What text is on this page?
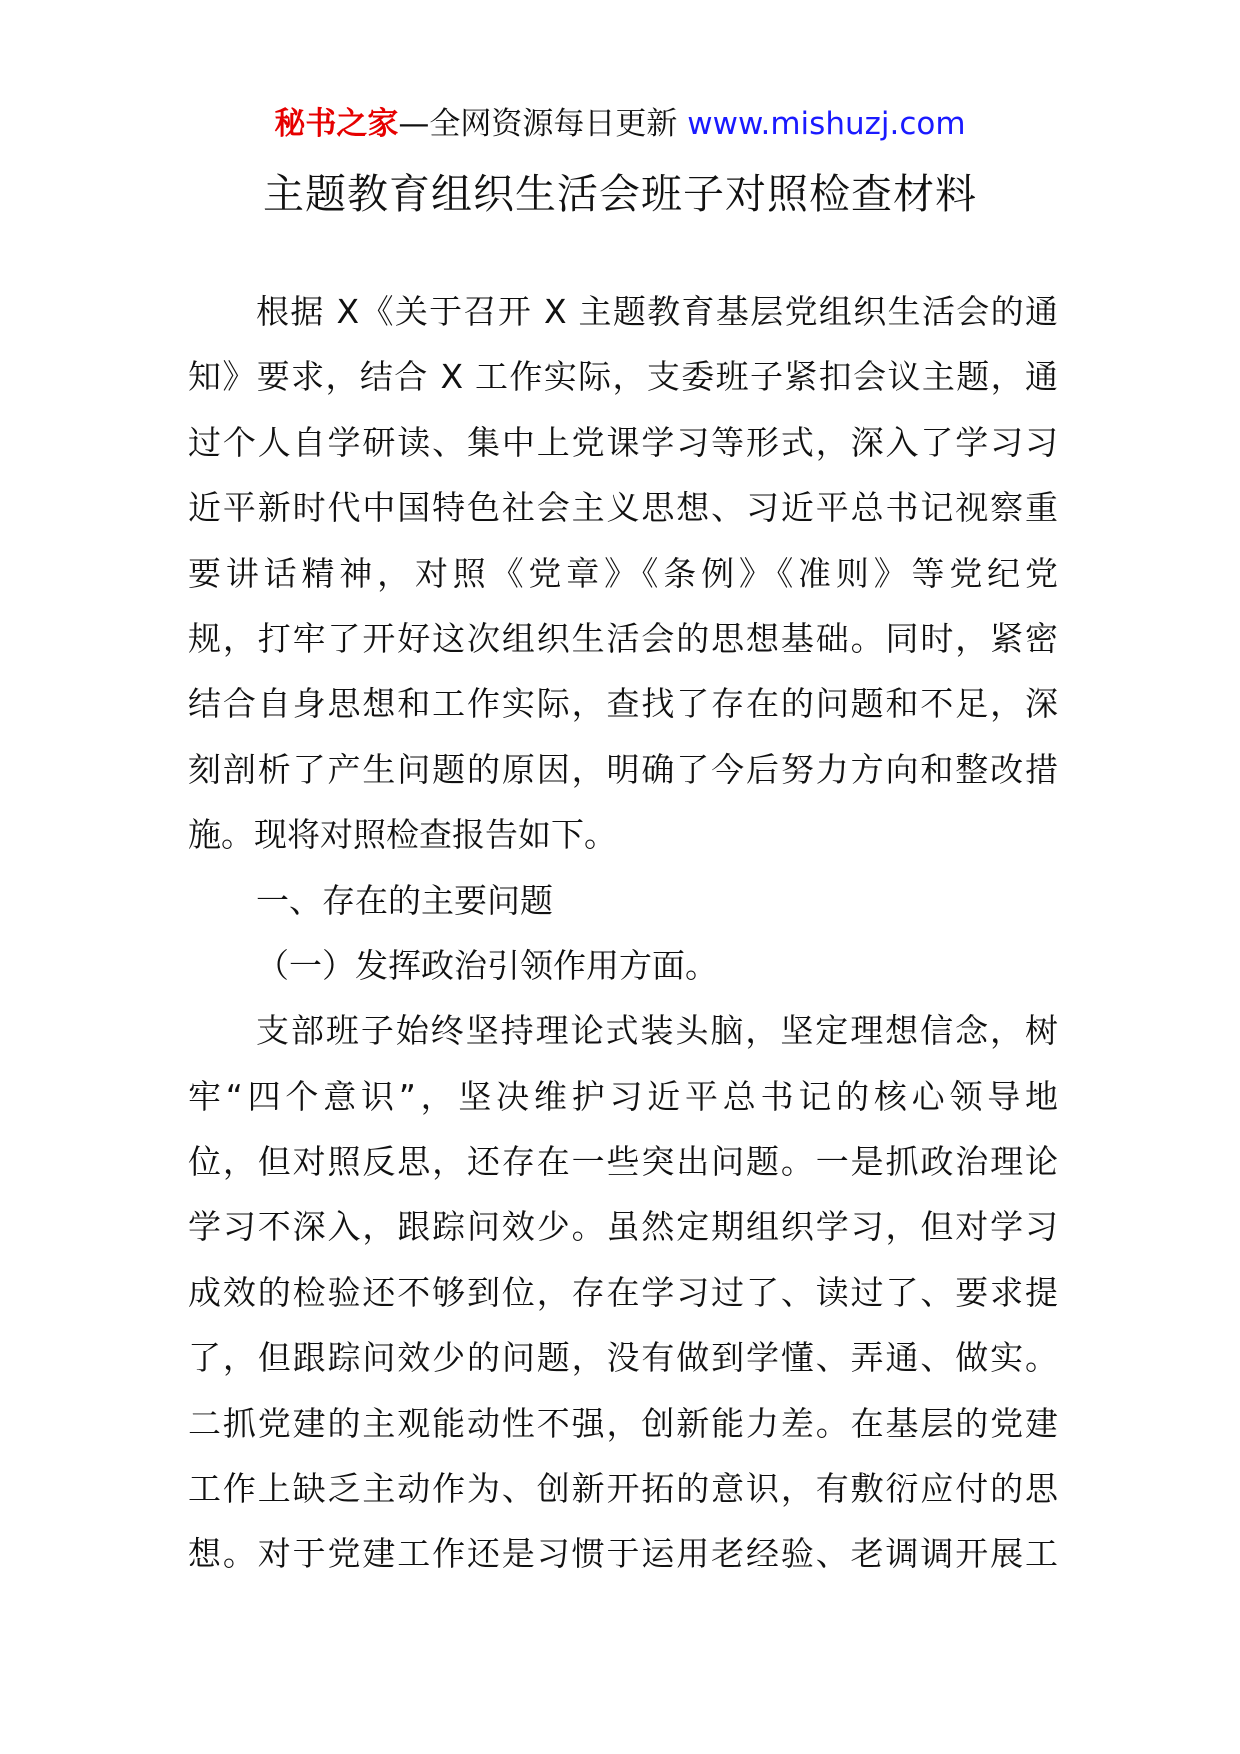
秘书之家—全网资源每日更新 www.mishuzj.com
主题教育组织生活会班子对照检查材料
根据 X《关于召开 X 主题教育基层党组织生活会的通
知》要求，结合 X 工作实际，支委班子紧扣会议主题，通
过个人自学研读、集中上党课学习等形式，深入了学习习
近平新时代中国特色社会主义思想、习近平总书记视察重
要讲话精神，对照《党章》《条例》《准则》等党纪党
规，打牢了开好这次组织生活会的思想基础。同时，紧密
结合自身思想和工作实际，查找了存在的问题和不足，深
刻剖析了产生问题的原因，明确了今后努力方向和整改措
施。现将对照检查报告如下。
一、存在的主要问题
（一）发挥政治引领作用方面。
支部班子始终坚持理论式装头脑，坚定理想信念，树
牢“四个意识”，坚决维护习近平总书记的核心领导地
位，但对照反思，还存在一些突出问题。一是抓政治理论
学习不深入，跟踪问效少。虽然定期组织学习，但对学习
成效的检验还不够到位，存在学习过了、读过了、要求提
了，但跟踪问效少的问题，没有做到学懂、弄通、做实。
二抓党建的主观能动性不强，创新能力差。在基层的党建
工作上缺乏主动作为、创新开拓的意识，有敷衍应付的思
想。对于党建工作还是习惯于运用老经验、老调调开展工
